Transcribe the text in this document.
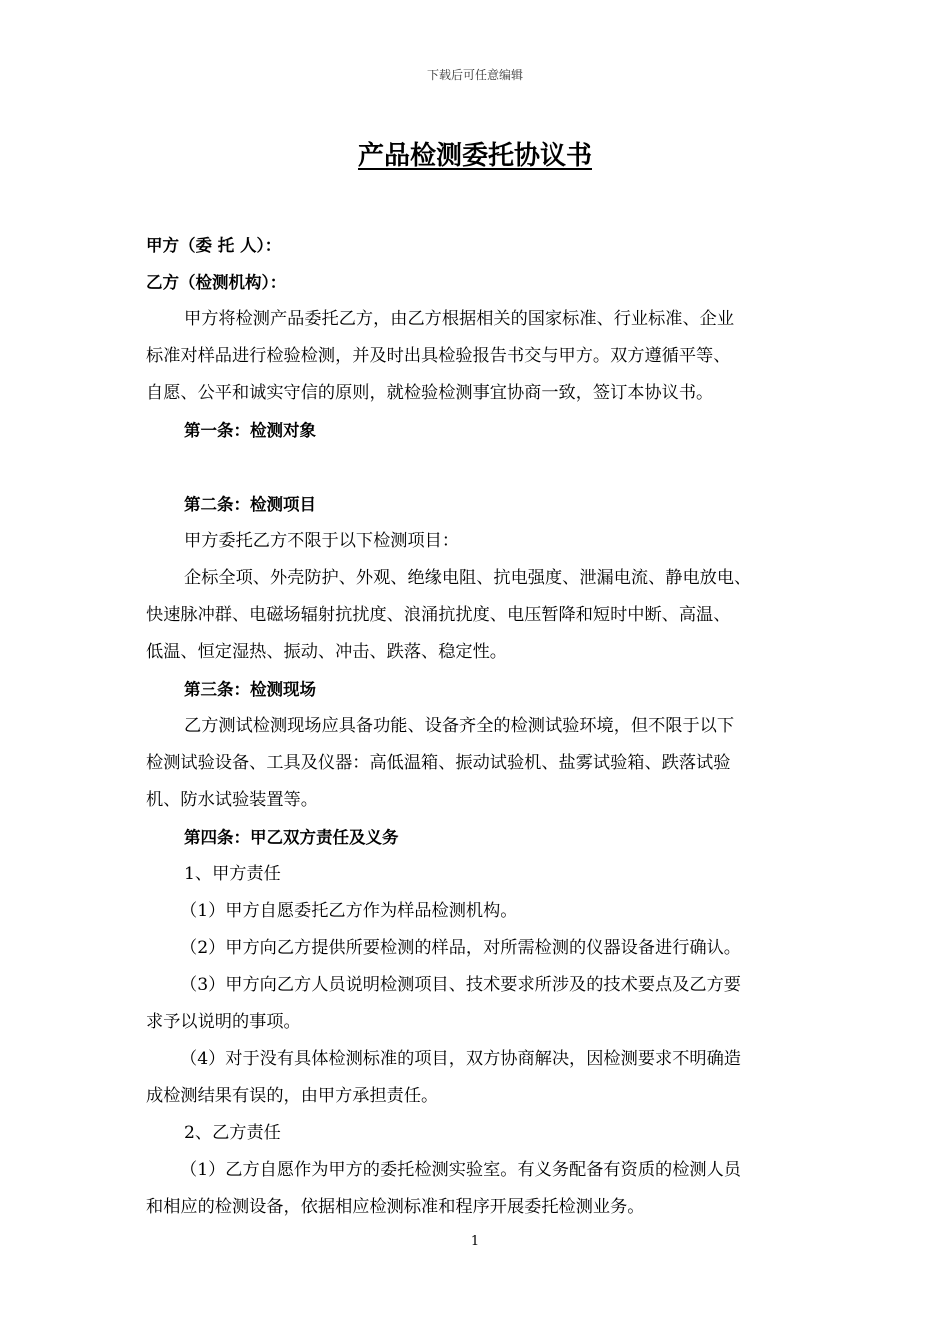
下载后可任意编辑
产品检测委托协议书
甲方（委 托 人）：
乙方（检测机构）：
甲方将检测产品委托乙方，由乙方根据相关的国家标准、行业标准、企业
标准对样品进行检验检测，并及时出具检验报告书交与甲方。双方遵循平等、
自愿、公平和诚实守信的原则，就检验检测事宜协商一致，签订本协议书。
第一条：检测对象
第二条：检测项目
甲方委托乙方不限于以下检测项目：
企标全项、外壳防护、外观、绝缘电阻、抗电强度、泄漏电流、静电放电、
快速脉冲群、电磁场辐射抗扰度、浪涌抗扰度、电压暂降和短时中断、高温、
低温、恒定湿热、振动、冲击、跌落、稳定性。
第三条：检测现场
乙方测试检测现场应具备功能、设备齐全的检测试验环境，但不限于以下
检测试验设备、工具及仪器：高低温箱、振动试验机、盐雾试验箱、跌落试验
机、防水试验装置等。
第四条：甲乙双方责任及义务
1、甲方责任
（1）甲方自愿委托乙方作为样品检测机构。
（2）甲方向乙方提供所要检测的样品，对所需检测的仪器设备进行确认。
（3）甲方向乙方人员说明检测项目、技术要求所涉及的技术要点及乙方要
求予以说明的事项。
（4）对于没有具体检测标准的项目，双方协商解决，因检测要求不明确造
成检测结果有误的，由甲方承担责任。
2、乙方责任
（1）乙方自愿作为甲方的委托检测实验室。有义务配备有资质的检测人员
和相应的检测设备，依据相应检测标准和程序开展委托检测业务。
1
